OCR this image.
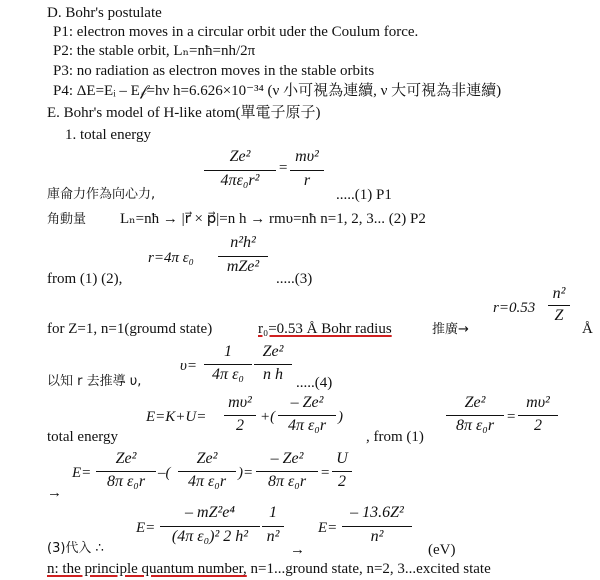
D. Bohr's postulate
P1: electron moves in a circular orbit uder the Coulum force.
P2: the stable orbit, Lₙ=nħ=nh/2π
P3: no radiation as electron moves in the stable orbits
P4: ΔE=Eᵢ – E𝒻=hν h=6.626×10⁻³⁴ (ν 小可視為連續, ν 大可視為非連續)
E. Bohr's model of H-like atom(單電子原子)
1. total energy
Ze²
4πε₀r²
=
mυ²
r
庫侖力作為向心力,	.....(1) P1
角動量 Lₙ=nħ → |r⃗ × p⃗|=n h → rmυ=nħ n=1, 2, 3... (2) P2
r=4π ε₀
n²h²
mZe²
from (1) (2),	.....(3)
r=0.53
n²
Z
Å
for Z=1, n=1(groumd state)	r₀=0.53 Å Bohr radius	推廣→
υ=
1
4π ε₀
Ze²
n h
以知 r 去推導 υ,	.....(4)
E=K+U=
mυ²
2	+(
– Ze²
4π ε₀r )
total energy	, from (1)
Ze²
8π ε₀r =
mυ²
2
→
E=
Ze²
8π ε₀r –(
Ze²
4π ε₀r )=
– Ze²
8π ε₀r =
U
2
E=
– mZ²e⁴
(4π ε₀)² 2 h²
1
n²
(3)代入 ∴	→
E=
– 13.6Z²
n²
(eV)
n: the principle quantum number, n=1...ground state, n=2, 3...excited state
